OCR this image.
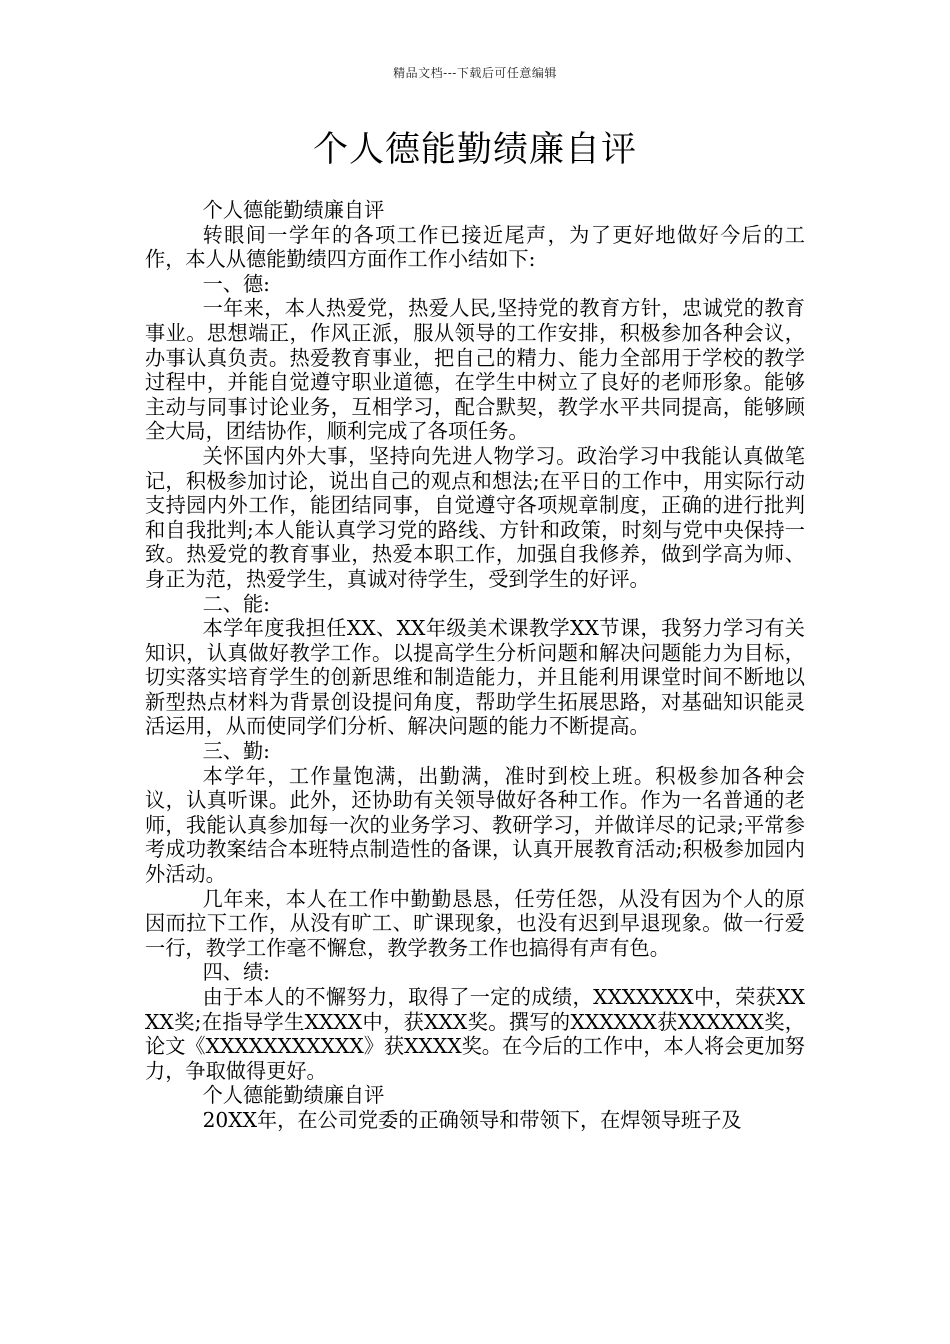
精品文档---下载后可任意编辑
个人德能勤绩廉自评

个人德能勤绩廉自评

转眼间一学年的各项工作已接近尾声，为了更好地做好今后的工作，本人从德能勤绩四方面作工作小结如下:

一、德:

一年来，本人热爱党，热爱人民,坚持党的教育方针，忠诚党的教育事业。思想端正，作风正派，服从领导的工作安排，积极参加各种会议，办事认真负责。热爱教育事业，把自己的精力、能力全部用于学校的教学过程中，并能自觉遵守职业道德，在学生中树立了良好的老师形象。能够主动与同事讨论业务，互相学习，配合默契，教学水平共同提高，能够顾全大局，团结协作，顺利完成了各项任务。

关怀国内外大事，坚持向先进人物学习。政治学习中我能认真做笔记，积极参加讨论，说出自己的观点和想法;在平日的工作中，用实际行动支持园内外工作，能团结同事，自觉遵守各项规章制度，正确的进行批判和自我批判;本人能认真学习党的路线、方针和政策，时刻与党中央保持一致。热爱党的教育事业，热爱本职工作，加强自我修养，做到学高为师、身正为范，热爱学生，真诚对待学生，受到学生的好评。

二、能:

本学年度我担任XX、XX年级美术课教学XX节课，我努力学习有关知识，认真做好教学工作。以提高学生分析问题和解决问题能力为目标，切实落实培育学生的创新思维和制造能力，并且能利用课堂时间不断地以新型热点材料为背景创设提问角度，帮助学生拓展思路，对基础知识能灵活运用，从而使同学们分析、解决问题的能力不断提高。

三、勤:

本学年，工作量饱满，出勤满，准时到校上班。积极参加各种会议，认真听课。此外，还协助有关领导做好各种工作。作为一名普通的老师，我能认真参加每一次的业务学习、教研学习，并做详尽的记录;平常参考成功教案结合本班特点制造性的备课，认真开展教育活动;积极参加园内外活动。

几年来，本人在工作中勤勤恳恳，任劳任怨，从没有因为个人的原因而拉下工作，从没有旷工、旷课现象，也没有迟到早退现象。做一行爱一行，教学工作毫不懈怠，教学教务工作也搞得有声有色。

四、绩:

由于本人的不懈努力，取得了一定的成绩，XXXXXXX中，荣获XXXX奖;在指导学生XXXX中，获XXX奖。撰写的XXXXXX获XXXXXX奖，论文《XXXXXXXXXXX》获XXXX奖。在今后的工作中，本人将会更加努力，争取做得更好。

个人德能勤绩廉自评

20XX年，在公司党委的正确领导和带领下，在焊领导班子及
